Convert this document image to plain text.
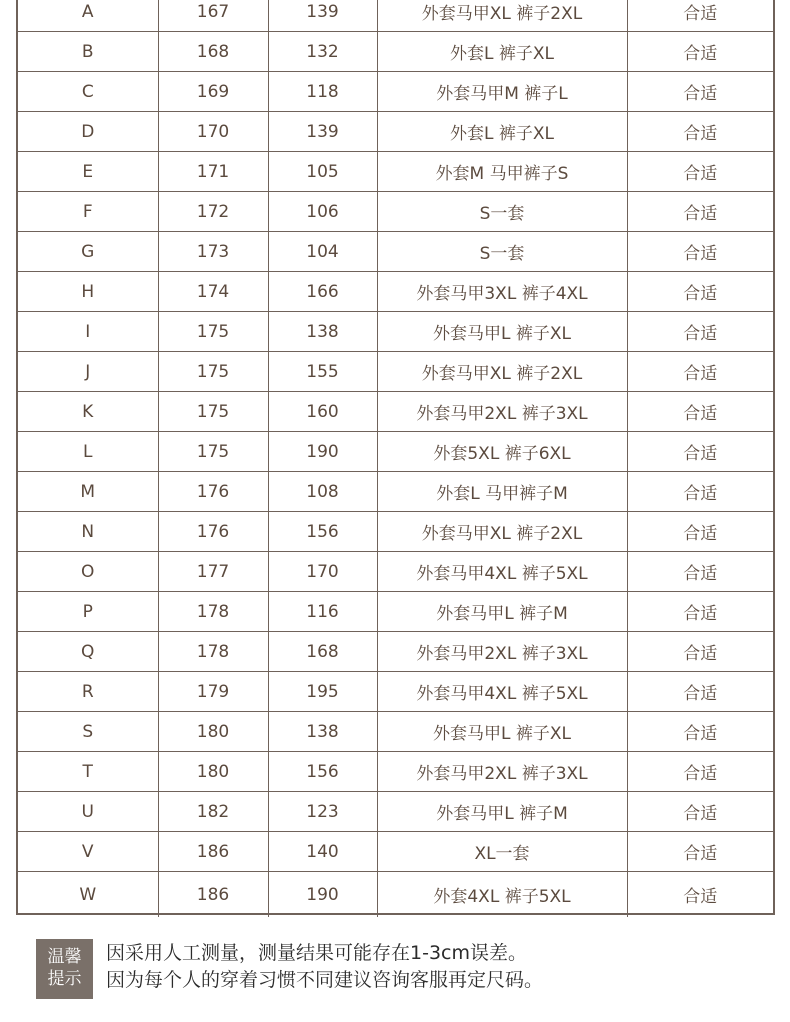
A	167	139	外套马甲XL 裤子2XL	合适
B	168	132	外套L 裤子XL	合适
C	169	118	外套马甲M 裤子L	合适
D	170	139	外套L 裤子XL	合适
E	171	105	外套M 马甲裤子S	合适
F	172	106	S一套	合适
G	173	104	S一套	合适
H	174	166	外套马甲3XL 裤子4XL	合适
I	175	138	外套马甲L 裤子XL	合适
J	175	155	外套马甲XL 裤子2XL	合适
K	175	160	外套马甲2XL 裤子3XL	合适
L	175	190	外套5XL 裤子6XL	合适
M	176	108	外套L 马甲裤子M	合适
N	176	156	外套马甲XL 裤子2XL	合适
O	177	170	外套马甲4XL 裤子5XL	合适
P	178	116	外套马甲L 裤子M	合适
Q	178	168	外套马甲2XL 裤子3XL	合适
R	179	195	外套马甲4XL 裤子5XL	合适
S	180	138	外套马甲L 裤子XL	合适
T	180	156	外套马甲2XL 裤子3XL	合适
U	182	123	外套马甲L 裤子M	合适
V	186	140	XL一套	合适
W	186	190	外套4XL 裤子5XL	合适
温馨
提示
因采用人工测量，测量结果可能存在1-3cm误差。
因为每个人的穿着习惯不同建议咨询客服再定尺码。
